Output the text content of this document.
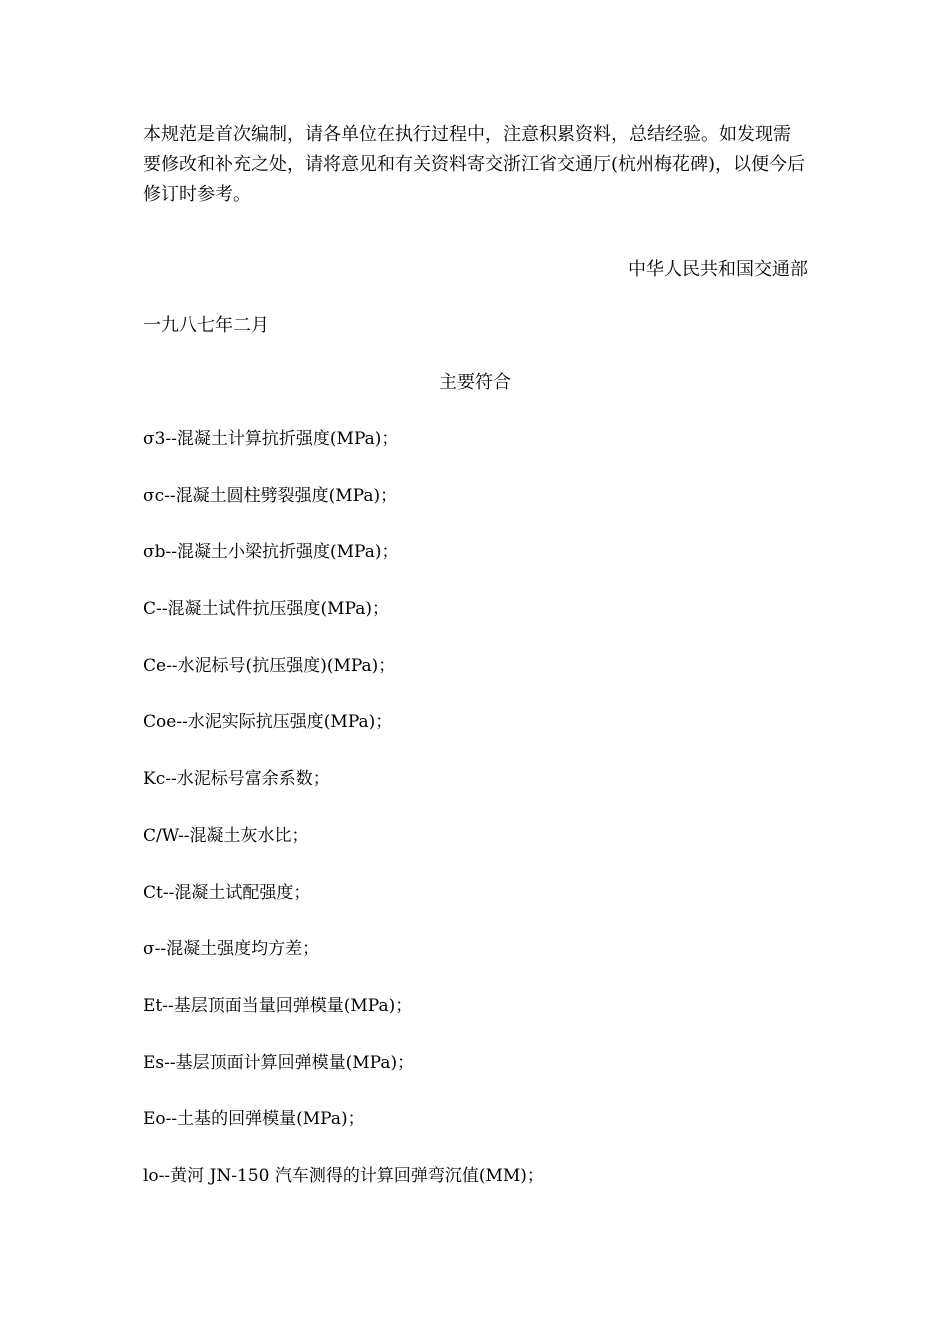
本规范是首次编制，请各单位在执行过程中，注意积累资料，总结经验。如发现需要修改和补充之处，请将意见和有关资料寄交浙江省交通厅(杭州梅花碑)，以便今后修订时参考。
中华人民共和国交通部
一九八七年二月
主要符合
σ3--混凝土计算抗折强度(MPa)；
σc--混凝土圆柱劈裂强度(MPa)；
σb--混凝土小梁抗折强度(MPa)；
C--混凝土试件抗压强度(MPa)；
Ce--水泥标号(抗压强度)(MPa)；
Coe--水泥实际抗压强度(MPa)；
Kc--水泥标号富余系数；
C/W--混凝土灰水比；
Ct--混凝土试配强度；
σ--混凝土强度均方差；
Et--基层顶面当量回弹模量(MPa)；
Es--基层顶面计算回弹模量(MPa)；
Eo--土基的回弹模量(MPa)；
lo--黄河 JN-150 汽车测得的计算回弹弯沉值(MM)；
